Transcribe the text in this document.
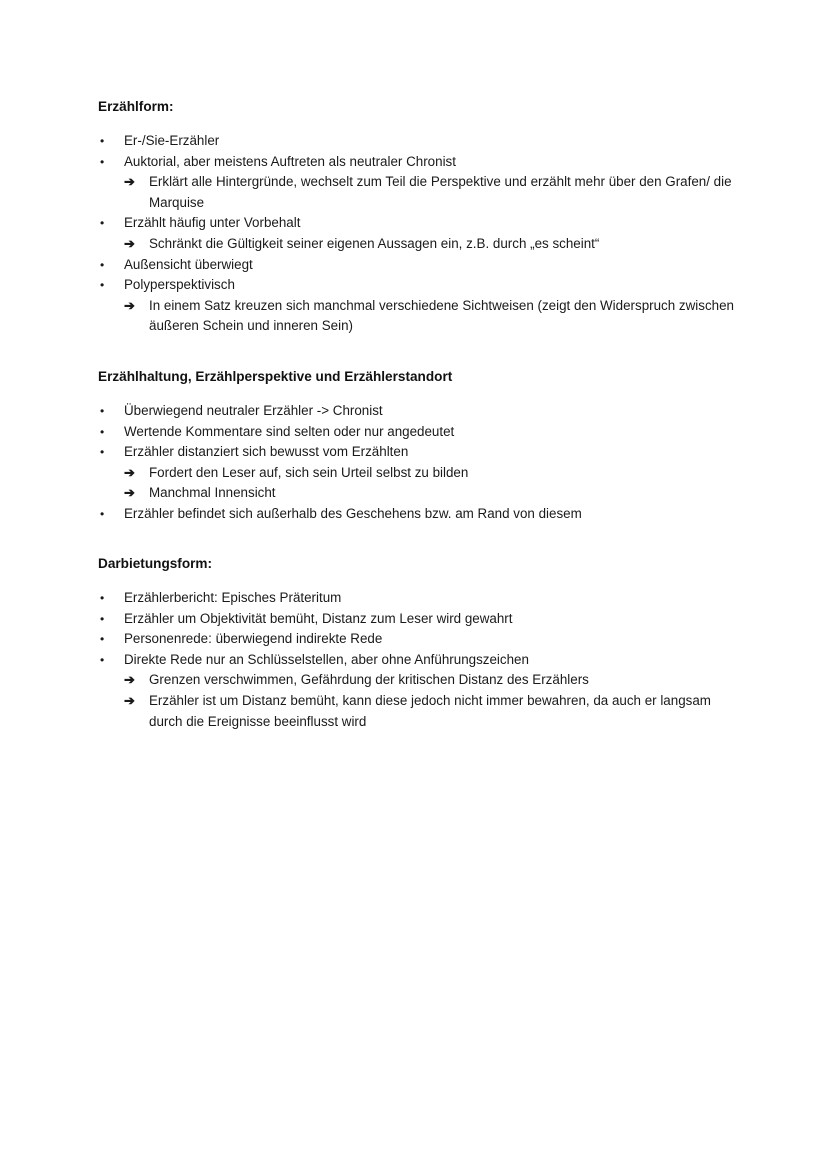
Erzählform:
•	Er-/Sie-Erzähler
•	Auktorial, aber meistens Auftreten als neutraler Chronist
➔	Erklärt alle Hintergründe, wechselt zum Teil die Perspektive und erzählt mehr über den Grafen/ die Marquise
•	Erzählt häufig unter Vorbehalt
➔	Schränkt die Gültigkeit seiner eigenen Aussagen ein, z.B. durch „es scheint“
•	Außensicht überwiegt
•	Polyperspektivisch
➔	In einem Satz kreuzen sich manchmal verschiedene Sichtweisen (zeigt den Widerspruch zwischen äußeren Schein und inneren Sein)
Erzählhaltung, Erzählperspektive und Erzählerstandort
•	Überwiegend neutraler Erzähler -> Chronist
•	Wertende Kommentare sind selten oder nur angedeutet
•	Erzähler distanziert sich bewusst vom Erzählten
➔	Fordert den Leser auf, sich sein Urteil selbst zu bilden
➔	Manchmal Innensicht
•	Erzähler befindet sich außerhalb des Geschehens bzw. am Rand von diesem
Darbietungsform:
•	Erzählerbericht: Episches Präteritum
•	Erzähler um Objektivität bemüht, Distanz zum Leser wird gewahrt
•	Personenrede: überwiegend indirekte Rede
•	Direkte Rede nur an Schlüsselstellen, aber ohne Anführungszeichen
➔	Grenzen verschwimmen, Gefährdung der kritischen Distanz des Erzählers
➔	Erzähler ist um Distanz bemüht, kann diese jedoch nicht immer bewahren, da auch er langsam durch die Ereignisse beeinflusst wird
